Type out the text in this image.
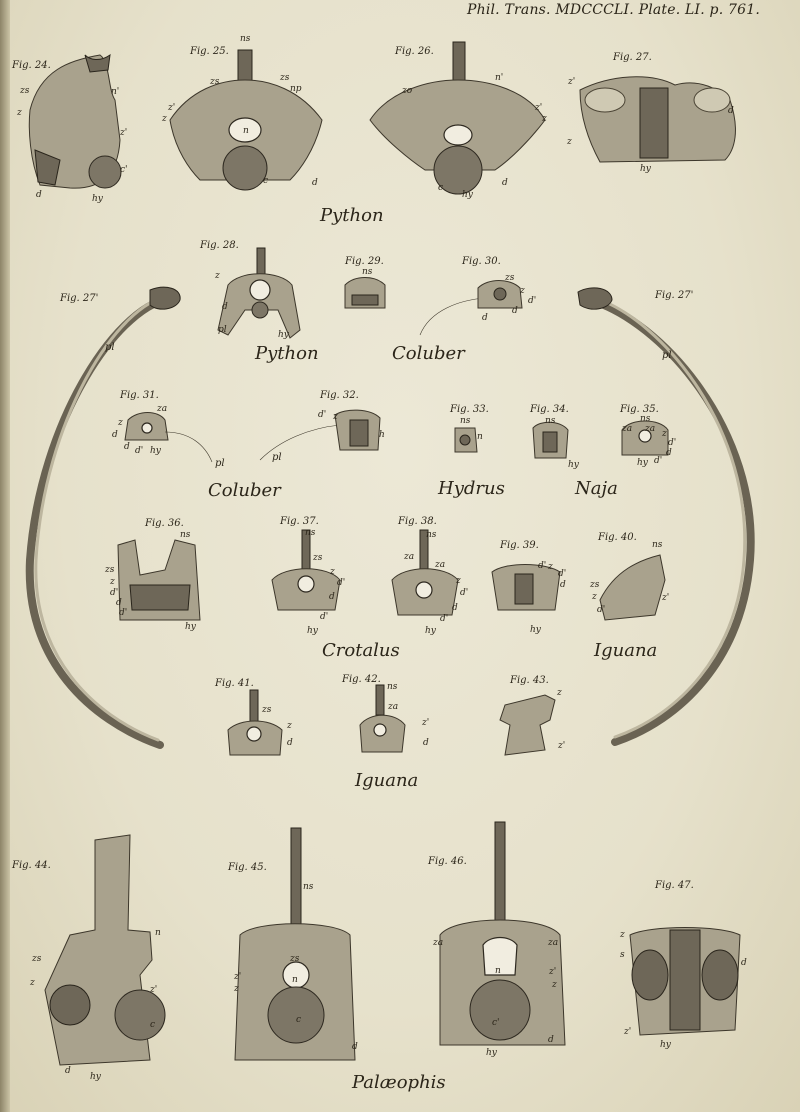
Phil. Trans. MDCCCLI. Plate. LI. p. 761.
Fig. 24.
Fig. 25.	Fig. 26.
Fig. 27.
Fig. 27'	Fig. 27'
Fig. 28.
Fig. 29.	Fig. 30.
Fig. 31.	Fig. 32.
Fig. 33.	Fig. 34.	Fig. 35.
Fig. 36.	Fig. 37.	Fig. 38.
Fig. 39.
Fig. 40.
Fig. 41.	Fig. 42.	Fig. 43.
Fig. 44.	Fig. 45.
Fig. 46.
Fig. 47.
Python
Python	Coluber
Coluber	Hydrus	Naja
Crotalus	Iguana
Iguana
Palæophis
zs
z
n'
z'
c'
d	hy
ns
zs	zs
np
z'
z
n
c	d
zo
n'
z'
z
c
hy
d
z'
z
d
hy
pl
pl
z
d
pl	hy
ns
zs
z
d'
d
d
za
z
d
d d' hy
pl
d' z
h
pl
ns
n
ns
hy
ns
za za z
d'
d
hy d'
ns
zs
z
d'
d
d'
hy
ns
zs
z
d'
d
d'
hy
ns
za
za
z
d'
d
d'
hy
d' z
d'
d
hy
ns
zs
z
d'
z'
zs
z
d
ns
za
z'
d
z
z'
n
zs
z
z'
c
d
hy
ns
zs
z'
z
n
c
d
za	za
n	z'
z
c'
d
hy
z
s
d
z'
hy
